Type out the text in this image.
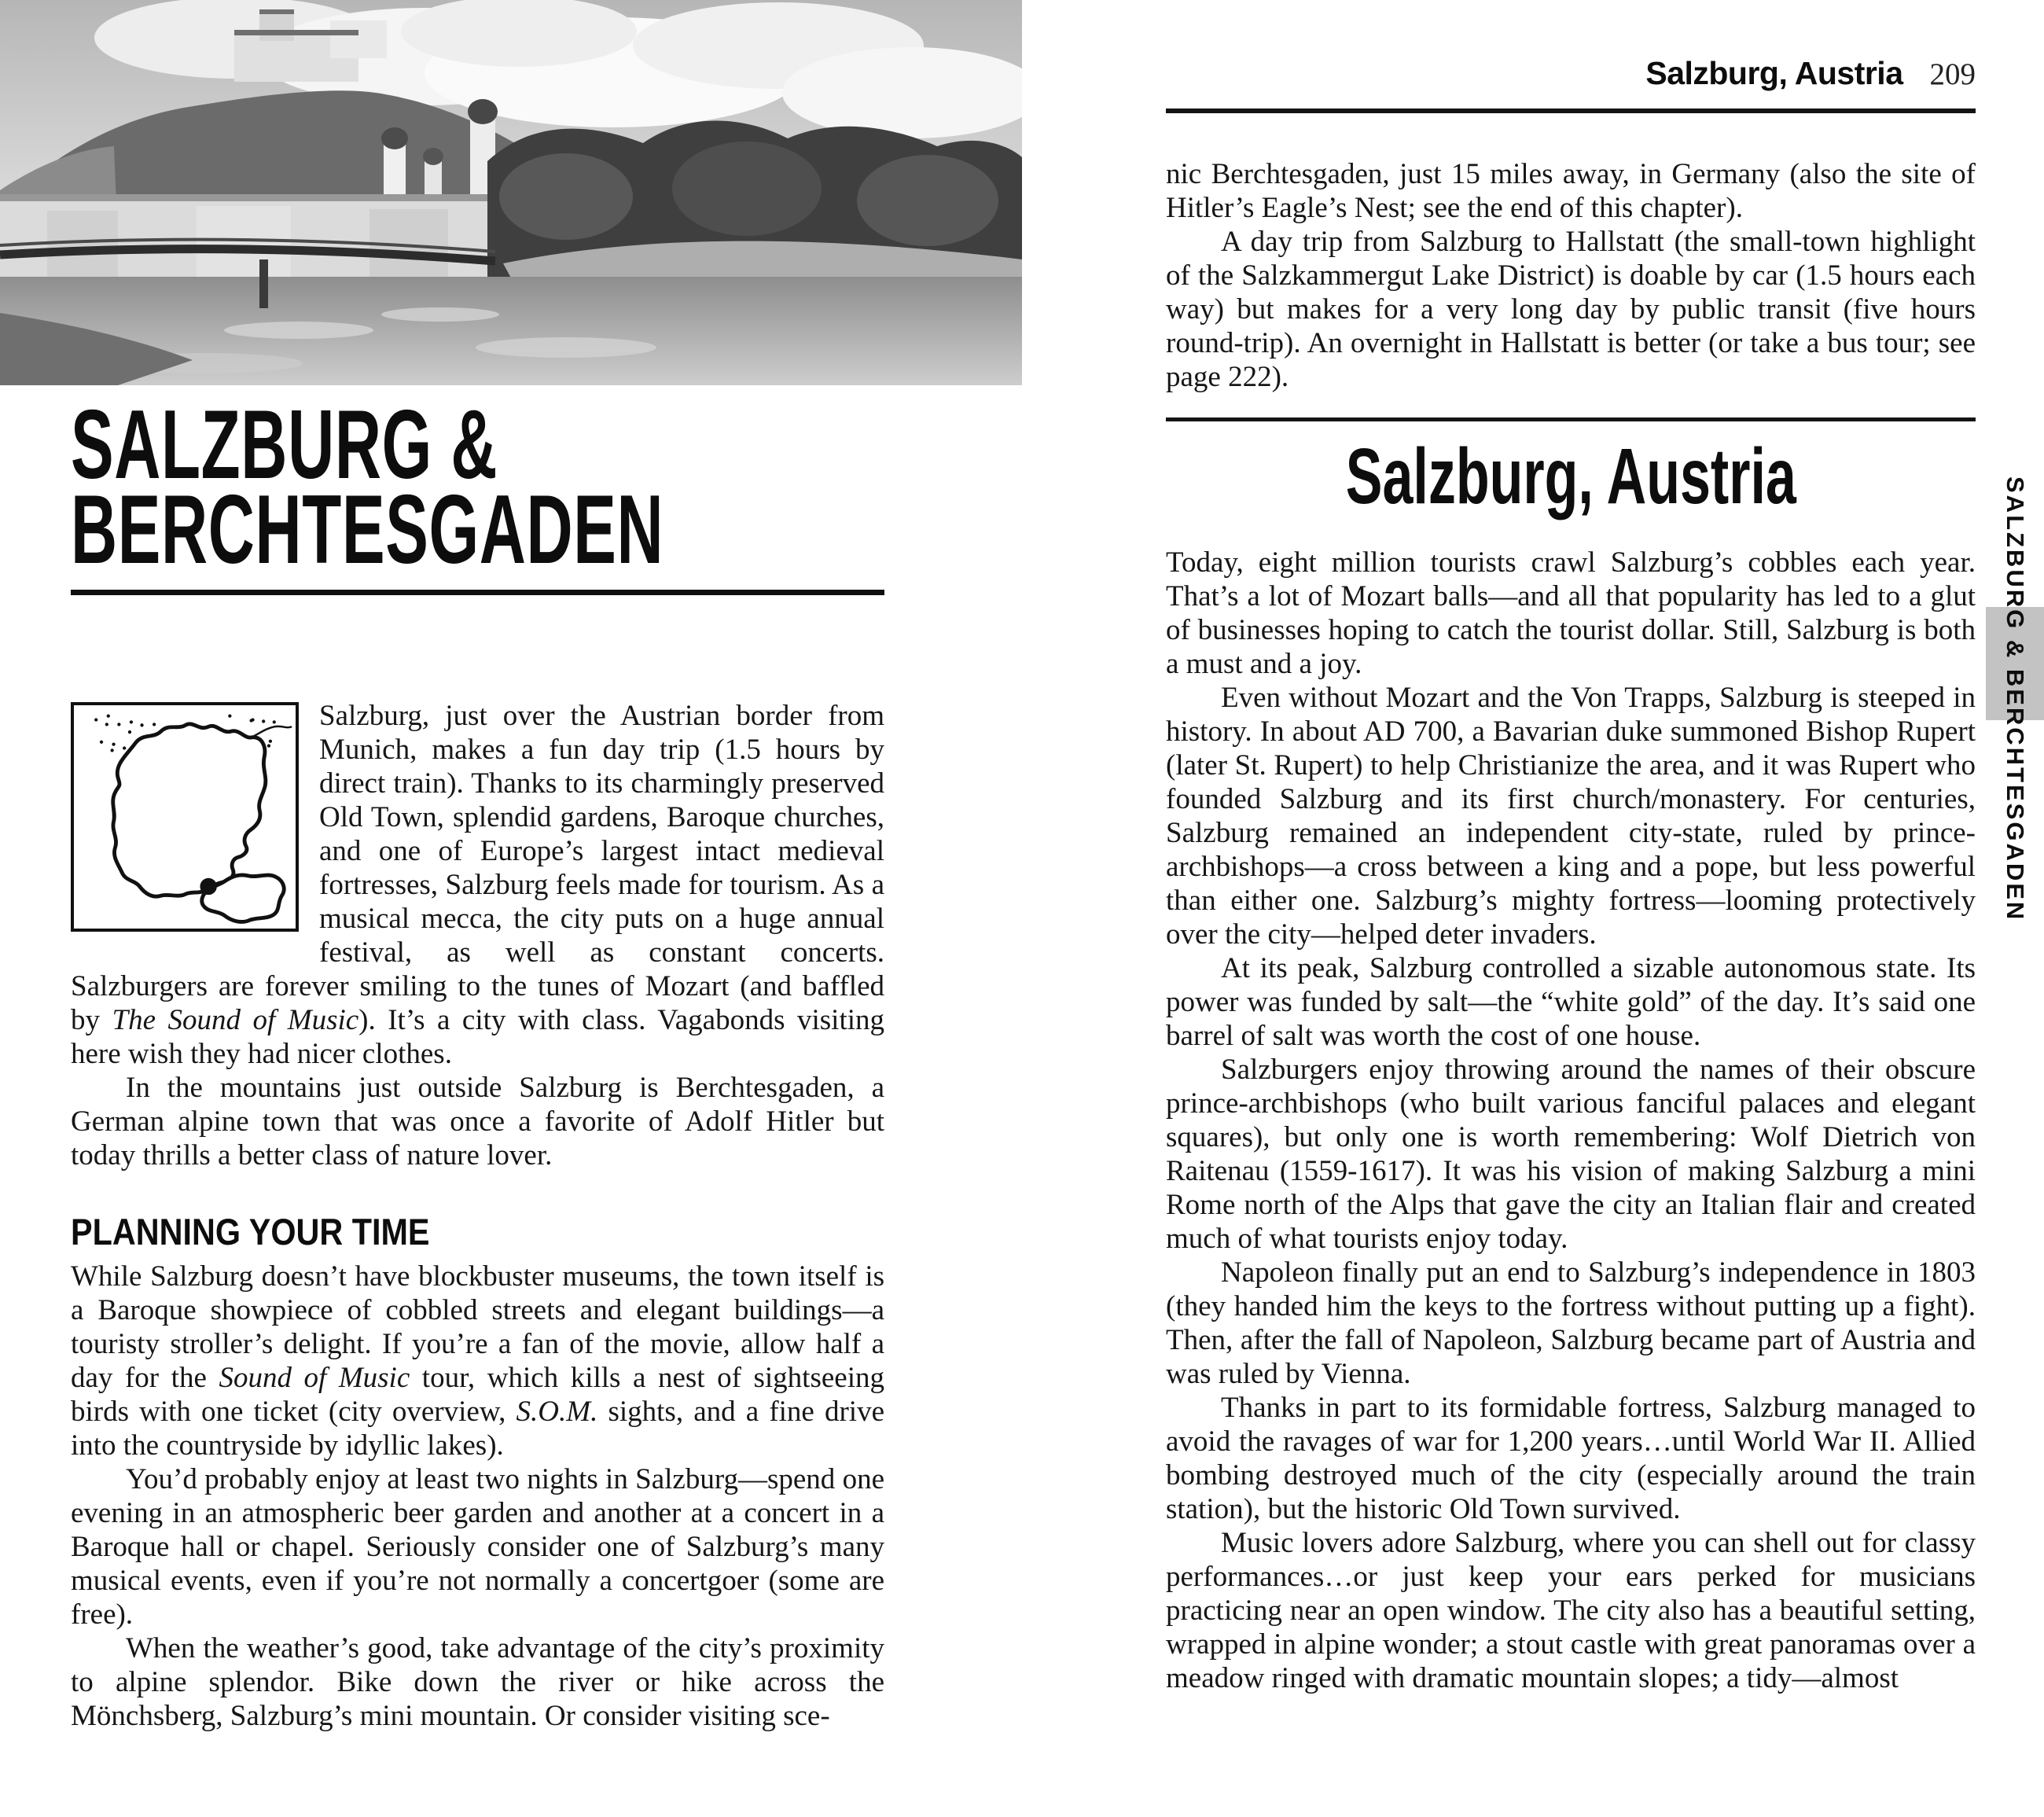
SALZBURG &
BERCHTESGADEN

Salzburg, just over the Austrian border from Munich, makes a fun day trip (1.5 hours by direct train). Thanks to its charmingly preserved Old Town, splendid gardens, Baroque churches, and one of Europe’s largest intact medieval fortresses, Salzburg feels made for tourism. As a musical mecca, the city puts on a huge annual festival, as well as constant concerts. Salzburgers are forever smiling to the tunes of Mozart (and baffled by The Sound of Music). It’s a city with class. Vagabonds visiting here wish they had nicer clothes.

In the mountains just outside Salzburg is Berchtesgaden, a German alpine town that was once a favorite of Adolf Hitler but today thrills a better class of nature lover.

PLANNING YOUR TIME

While Salzburg doesn’t have blockbuster museums, the town itself is a Baroque showpiece of cobbled streets and elegant buildings—a touristy stroller’s delight. If you’re a fan of the movie, allow half a day for the Sound of Music tour, which kills a nest of sightseeing birds with one ticket (city overview, S.O.M. sights, and a fine drive into the countryside by idyllic lakes).

You’d probably enjoy at least two nights in Salzburg—spend one evening in an atmospheric beer garden and another at a concert in a Baroque hall or chapel. Seriously consider one of Salzburg’s many musical events, even if you’re not normally a concertgoer (some are free).

When the weather’s good, take advantage of the city’s proximity to alpine splendor. Bike down the river or hike across the Mönchsberg, Salzburg’s mini mountain. Or consider visiting sce-

Salzburg, Austria 209

nic Berchtesgaden, just 15 miles away, in Germany (also the site of Hitler’s Eagle’s Nest; see the end of this chapter).

A day trip from Salzburg to Hallstatt (the small-town highlight of the Salzkammergut Lake District) is doable by car (1.5 hours each way) but makes for a very long day by public transit (five hours round-trip). An overnight in Hallstatt is better (or take a bus tour; see page 222).

Salzburg, Austria

Today, eight million tourists crawl Salzburg’s cobbles each year. That’s a lot of Mozart balls—and all that popularity has led to a glut of businesses hoping to catch the tourist dollar. Still, Salzburg is both a must and a joy.

Even without Mozart and the Von Trapps, Salzburg is steeped in history. In about AD 700, a Bavarian duke summoned Bishop Rupert (later St. Rupert) to help Christianize the area, and it was Rupert who founded Salzburg and its first church/monastery. For centuries, Salzburg remained an independent city-state, ruled by prince-archbishops—a cross between a king and a pope, but less powerful than either one. Salzburg’s mighty fortress—looming protectively over the city—helped deter invaders.

At its peak, Salzburg controlled a sizable autonomous state. Its power was funded by salt—the “white gold” of the day. It’s said one barrel of salt was worth the cost of one house.

Salzburgers enjoy throwing around the names of their obscure prince-archbishops (who built various fanciful palaces and elegant squares), but only one is worth remembering: Wolf Dietrich von Raitenau (1559-1617). It was his vision of making Salzburg a mini Rome north of the Alps that gave the city an Italian flair and created much of what tourists enjoy today.

Napoleon finally put an end to Salzburg’s independence in 1803 (they handed him the keys to the fortress without putting up a fight). Then, after the fall of Napoleon, Salzburg became part of Austria and was ruled by Vienna.

Thanks in part to its formidable fortress, Salzburg managed to avoid the ravages of war for 1,200 years…until World War II. Allied bombing destroyed much of the city (especially around the train station), but the historic Old Town survived.

Music lovers adore Salzburg, where you can shell out for classy performances…or just keep your ears perked for musicians practicing near an open window. The city also has a beautiful setting, wrapped in alpine wonder; a stout castle with great panoramas over a meadow ringed with dramatic mountain slopes; a tidy—almost

SALZBURG & BERCHTESGADEN
